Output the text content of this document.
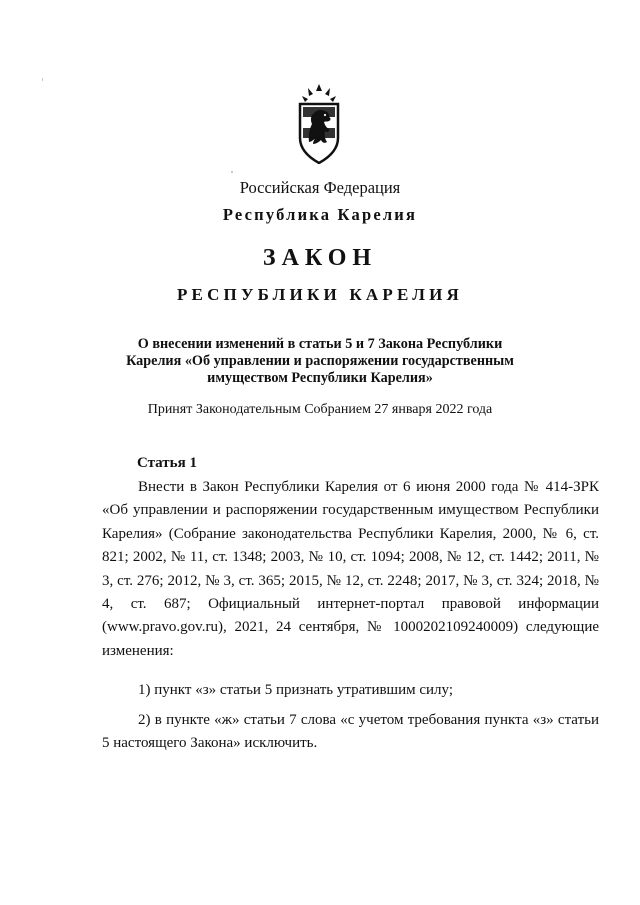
Российская Федерация
Республика Карелия
ЗАКОН
РЕСПУБЛИКИ КАРЕЛИЯ
О внесении изменений в статьи 5 и 7 Закона Республики
Карелия «Об управлении и распоряжении государственным
имуществом Республики Карелия»
Принят Законодательным Собранием 27 января 2022 года
Статья 1
Внести в Закон Республики Карелия от 6 июня 2000 года № 414-ЗРК «Об управлении и распоряжении государственным имуществом Республики Карелия» (Собрание законодательства Республики Карелия, 2000, № 6, ст. 821; 2002, № 11, ст. 1348; 2003, № 10, ст. 1094; 2008, № 12, ст. 1442; 2011, № 3, ст. 276; 2012, № 3, ст. 365; 2015, № 12, ст. 2248; 2017, № 3, ст. 324; 2018, № 4, ст. 687; Официальный интернет-портал правовой информации (www.pravo.gov.ru), 2021, 24 сентября, № 1000202109240009) следующие изменения:
1) пункт «з» статьи 5 признать утратившим силу;
2) в пункте «ж» статьи 7 слова «с учетом требования пункта «з» статьи 5 настоящего Закона» исключить.
